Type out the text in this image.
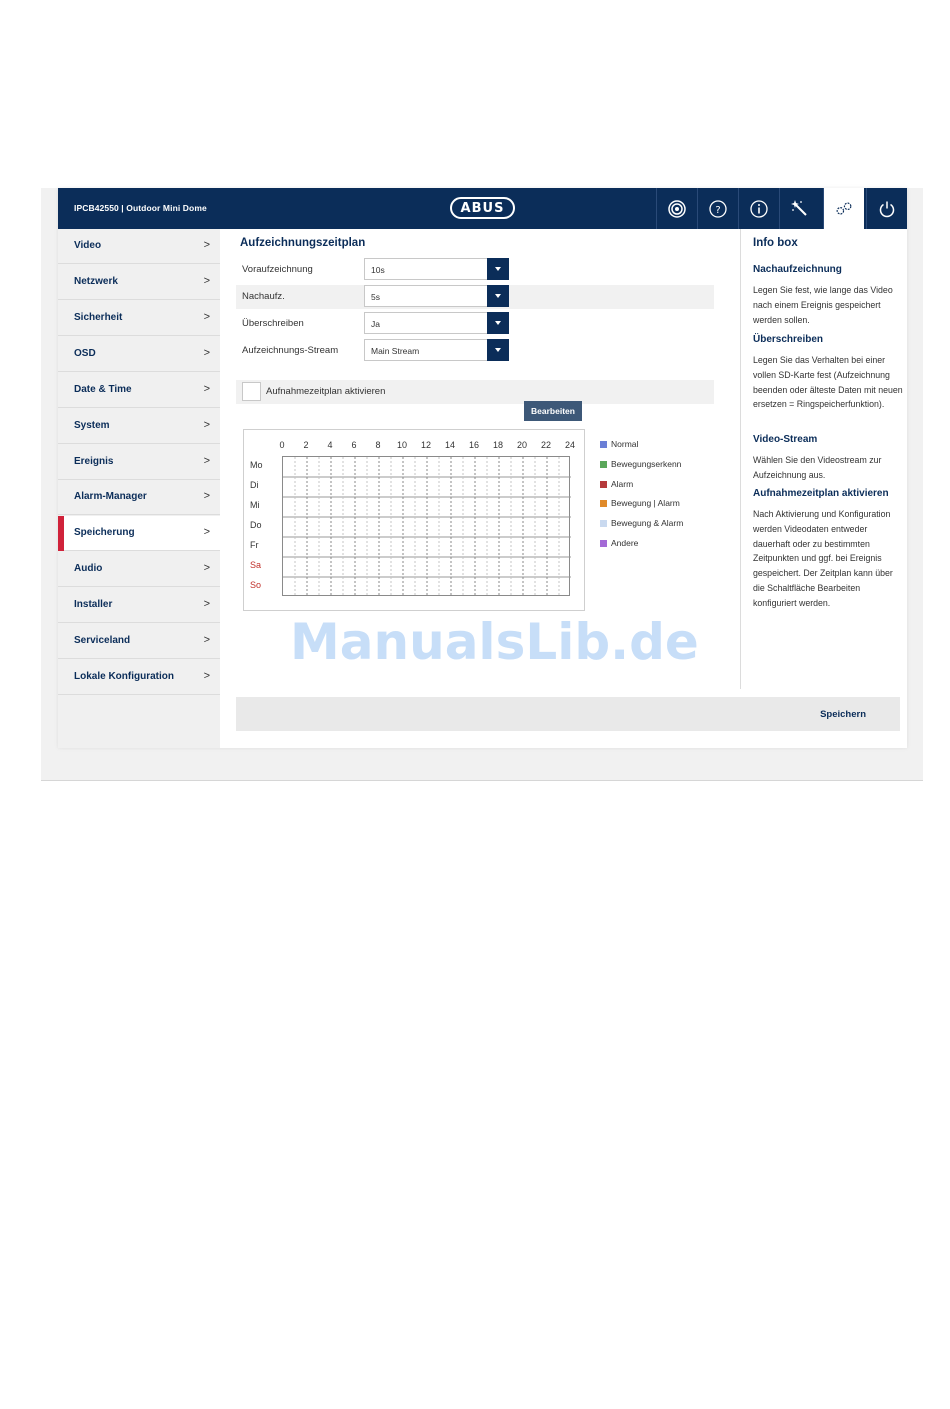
IPCB42550 | Outdoor Mini Dome	ABUS	?
Video	>
Netzwerk	>
Sicherheit	>
OSD	>
Date & Time	>
System	>
Ereignis	>
Alarm-Manager	>
Speicherung	>
Audio	>
Installer	>
Serviceland	>
Lokale Konfiguration	>
Aufzeichnungszeitplan
Voraufzeichnung	10s
Nachaufz.	5s
Überschreiben	Ja
Aufzeichnungs-Stream	Main Stream
Aufnahmezeitplan aktivieren
Bearbeiten
0 2 4 6 8 10 12 14 16 18 20 22 24
Mo
Di
Mi
Do
Fr
Sa
So
Normal
Bewegungserkenn
Alarm
Bewegung | Alarm
Bewegung & Alarm
Andere
ManualsLib.de
Info box
Nachaufzeichnung
Legen Sie fest, wie lange das Video nach einem Ereignis gespeichert werden sollen.
Überschreiben
Legen Sie das Verhalten bei einer vollen SD-Karte fest (Aufzeichnung beenden oder älteste Daten mit neuen ersetzen = Ringspeicherfunktion).
Video-Stream
Wählen Sie den Videostream zur Aufzeichnung aus.
Aufnahmezeitplan aktivieren
Nach Aktivierung und Konfiguration werden Videodaten entweder dauerhaft oder zu bestimmten Zeitpunkten und ggf. bei Ereignis gespeichert. Der Zeitplan kann über die Schaltfläche Bearbeiten konfiguriert werden.
Speichern
